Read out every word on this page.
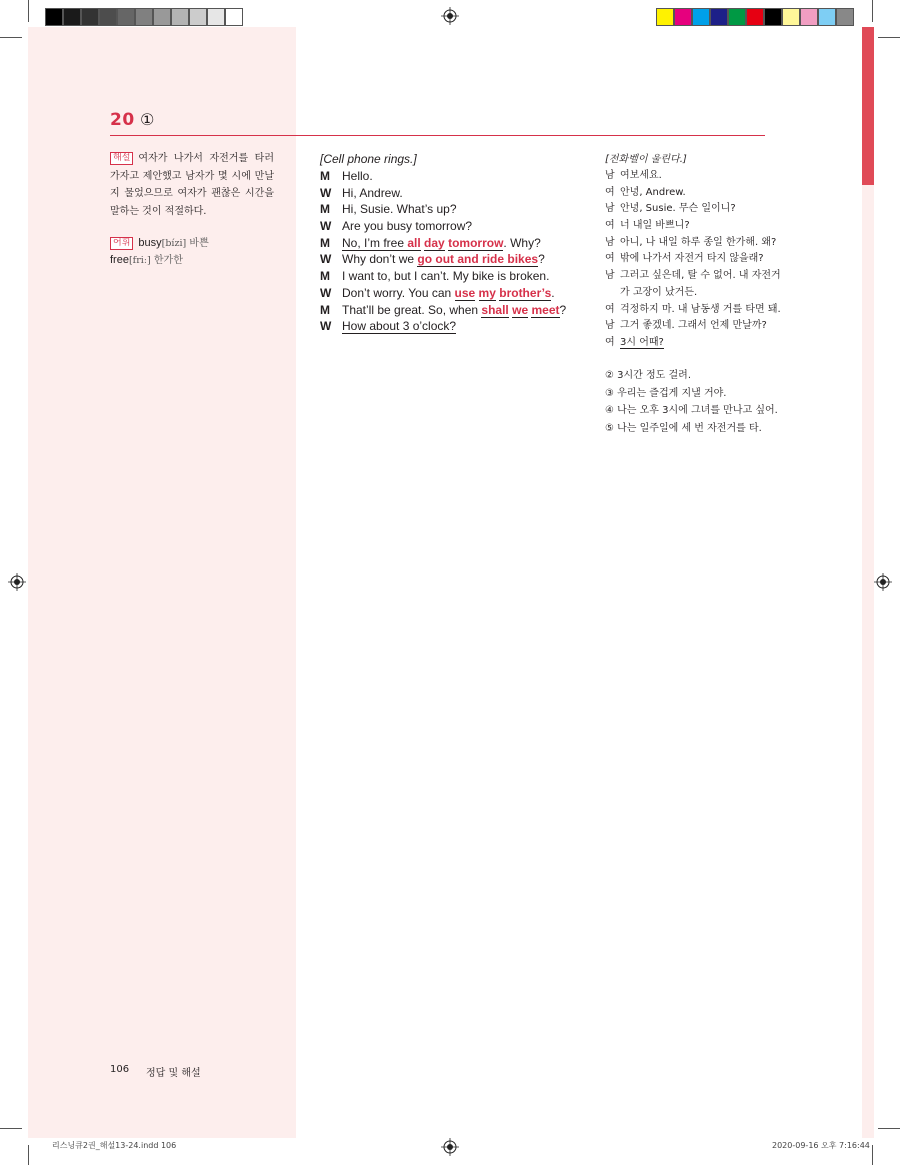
20 ①
해설 여자가 나가서 자전거를 타러 가자고 제안했고 남자가 몇 시에 만날지 물었으므로 여자가 괜찮은 시간을 말하는 것이 적절하다.
어휘 busy[bízi] 바쁜
free[friː] 한가한
[Cell phone rings.]
M Hello.
W Hi, Andrew.
M Hi, Susie. What’s up?
W Are you busy tomorrow?
M No, I’m free all day tomorrow. Why?
W Why don’t we go out and ride bikes?
M I want to, but I can’t. My bike is broken.
W Don’t worry. You can use my brother’s.
M That’ll be great. So, when shall we meet?
W How about 3 o’clock?
[전화벨이 울린다.]
남 여보세요.
여 안녕, Andrew.
남 안녕, Susie. 무슨 일이니?
여 너 내일 바쁘니?
남 아니, 나 내일 하루 종일 한가해. 왜?
여 밖에 나가서 자전거 타지 않을래?
남 그러고 싶은데, 탈 수 없어. 내 자전거
가 고장이 났거든.
여 걱정하지 마. 내 남동생 거를 타면 돼.
남 그거 좋겠네. 그래서 언제 만날까?
여 3시 어때?
② 3시간 정도 걸려.
③ 우리는 즐겁게 지낼 거야.
④ 나는 오후 3시에 그녀를 만나고 싶어.
⑤ 나는 일주일에 세 번 자전거를 타.
106 정답 및 해설
리스닝큐2권_해설13-24.indd 106	2020-09-16 오후 7:16:44
